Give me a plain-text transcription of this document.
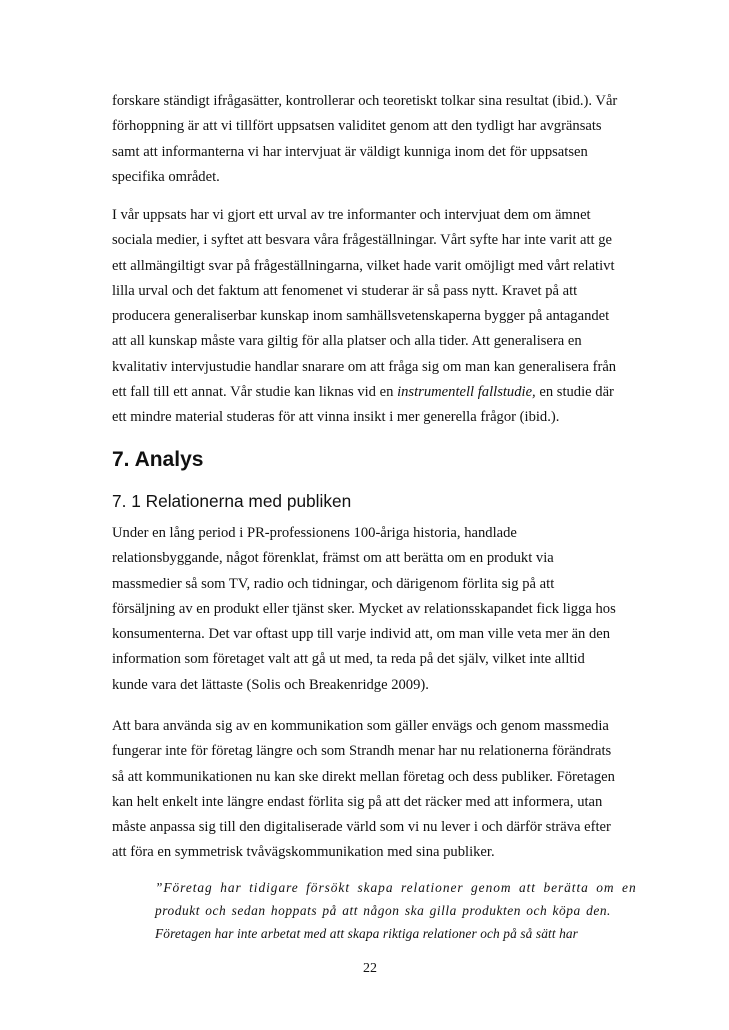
forskare ständigt ifrågasätter, kontrollerar och teoretiskt tolkar sina resultat (ibid.). Vår
förhoppning är att vi tillfört uppsatsen validitet genom att den tydligt har avgränsats
samt att informanterna vi har intervjuat är väldigt kunniga inom det för uppsatsen
specifika området.
I vår uppsats har vi gjort ett urval av tre informanter och intervjuat dem om ämnet
sociala medier, i syftet att besvara våra frågeställningar. Vårt syfte har inte varit att ge
ett allmängiltigt svar på frågeställningarna, vilket hade varit omöjligt med vårt relativt
lilla urval och det faktum att fenomenet vi studerar är så pass nytt. Kravet på att
producera generaliserbar kunskap inom samhällsvetenskaperna bygger på antagandet
att all kunskap måste vara giltig för alla platser och alla tider. Att generalisera en
kvalitativ intervjustudie handlar snarare om att fråga sig om man kan generalisera från
ett fall till ett annat. Vår studie kan liknas vid en instrumentell fallstudie, en studie där
ett mindre material studeras för att vinna insikt i mer generella frågor (ibid.).
7. Analys
7. 1 Relationerna med publiken
Under en lång period i PR-professionens 100-åriga historia, handlade
relationsbyggande, något förenklat, främst om att berätta om en produkt via
massmedier så som TV, radio och tidningar, och därigenom förlita sig på att
försäljning av en produkt eller tjänst sker. Mycket av relationsskapandet fick ligga hos
konsumenterna. Det var oftast upp till varje individ att, om man ville veta mer än den
information som företaget valt att gå ut med, ta reda på det själv, vilket inte alltid
kunde vara det lättaste (Solis och Breakenridge 2009).
Att bara använda sig av en kommunikation som gäller envägs och genom massmedia
fungerar inte för företag längre och som Strandh menar har nu relationerna förändrats
så att kommunikationen nu kan ske direkt mellan företag och dess publiker. Företagen
kan helt enkelt inte längre endast förlita sig på att det räcker med att informera, utan
måste anpassa sig till den digitaliserade värld som vi nu lever i och därför sträva efter
att föra en symmetrisk tvåvägskommunikation med sina publiker.
”Företag har tidigare försökt skapa relationer genom att berätta om en
produkt och sedan hoppats på att någon ska gilla produkten och köpa den.
Företagen har inte arbetat med att skapa riktiga relationer och på så sätt har
22
